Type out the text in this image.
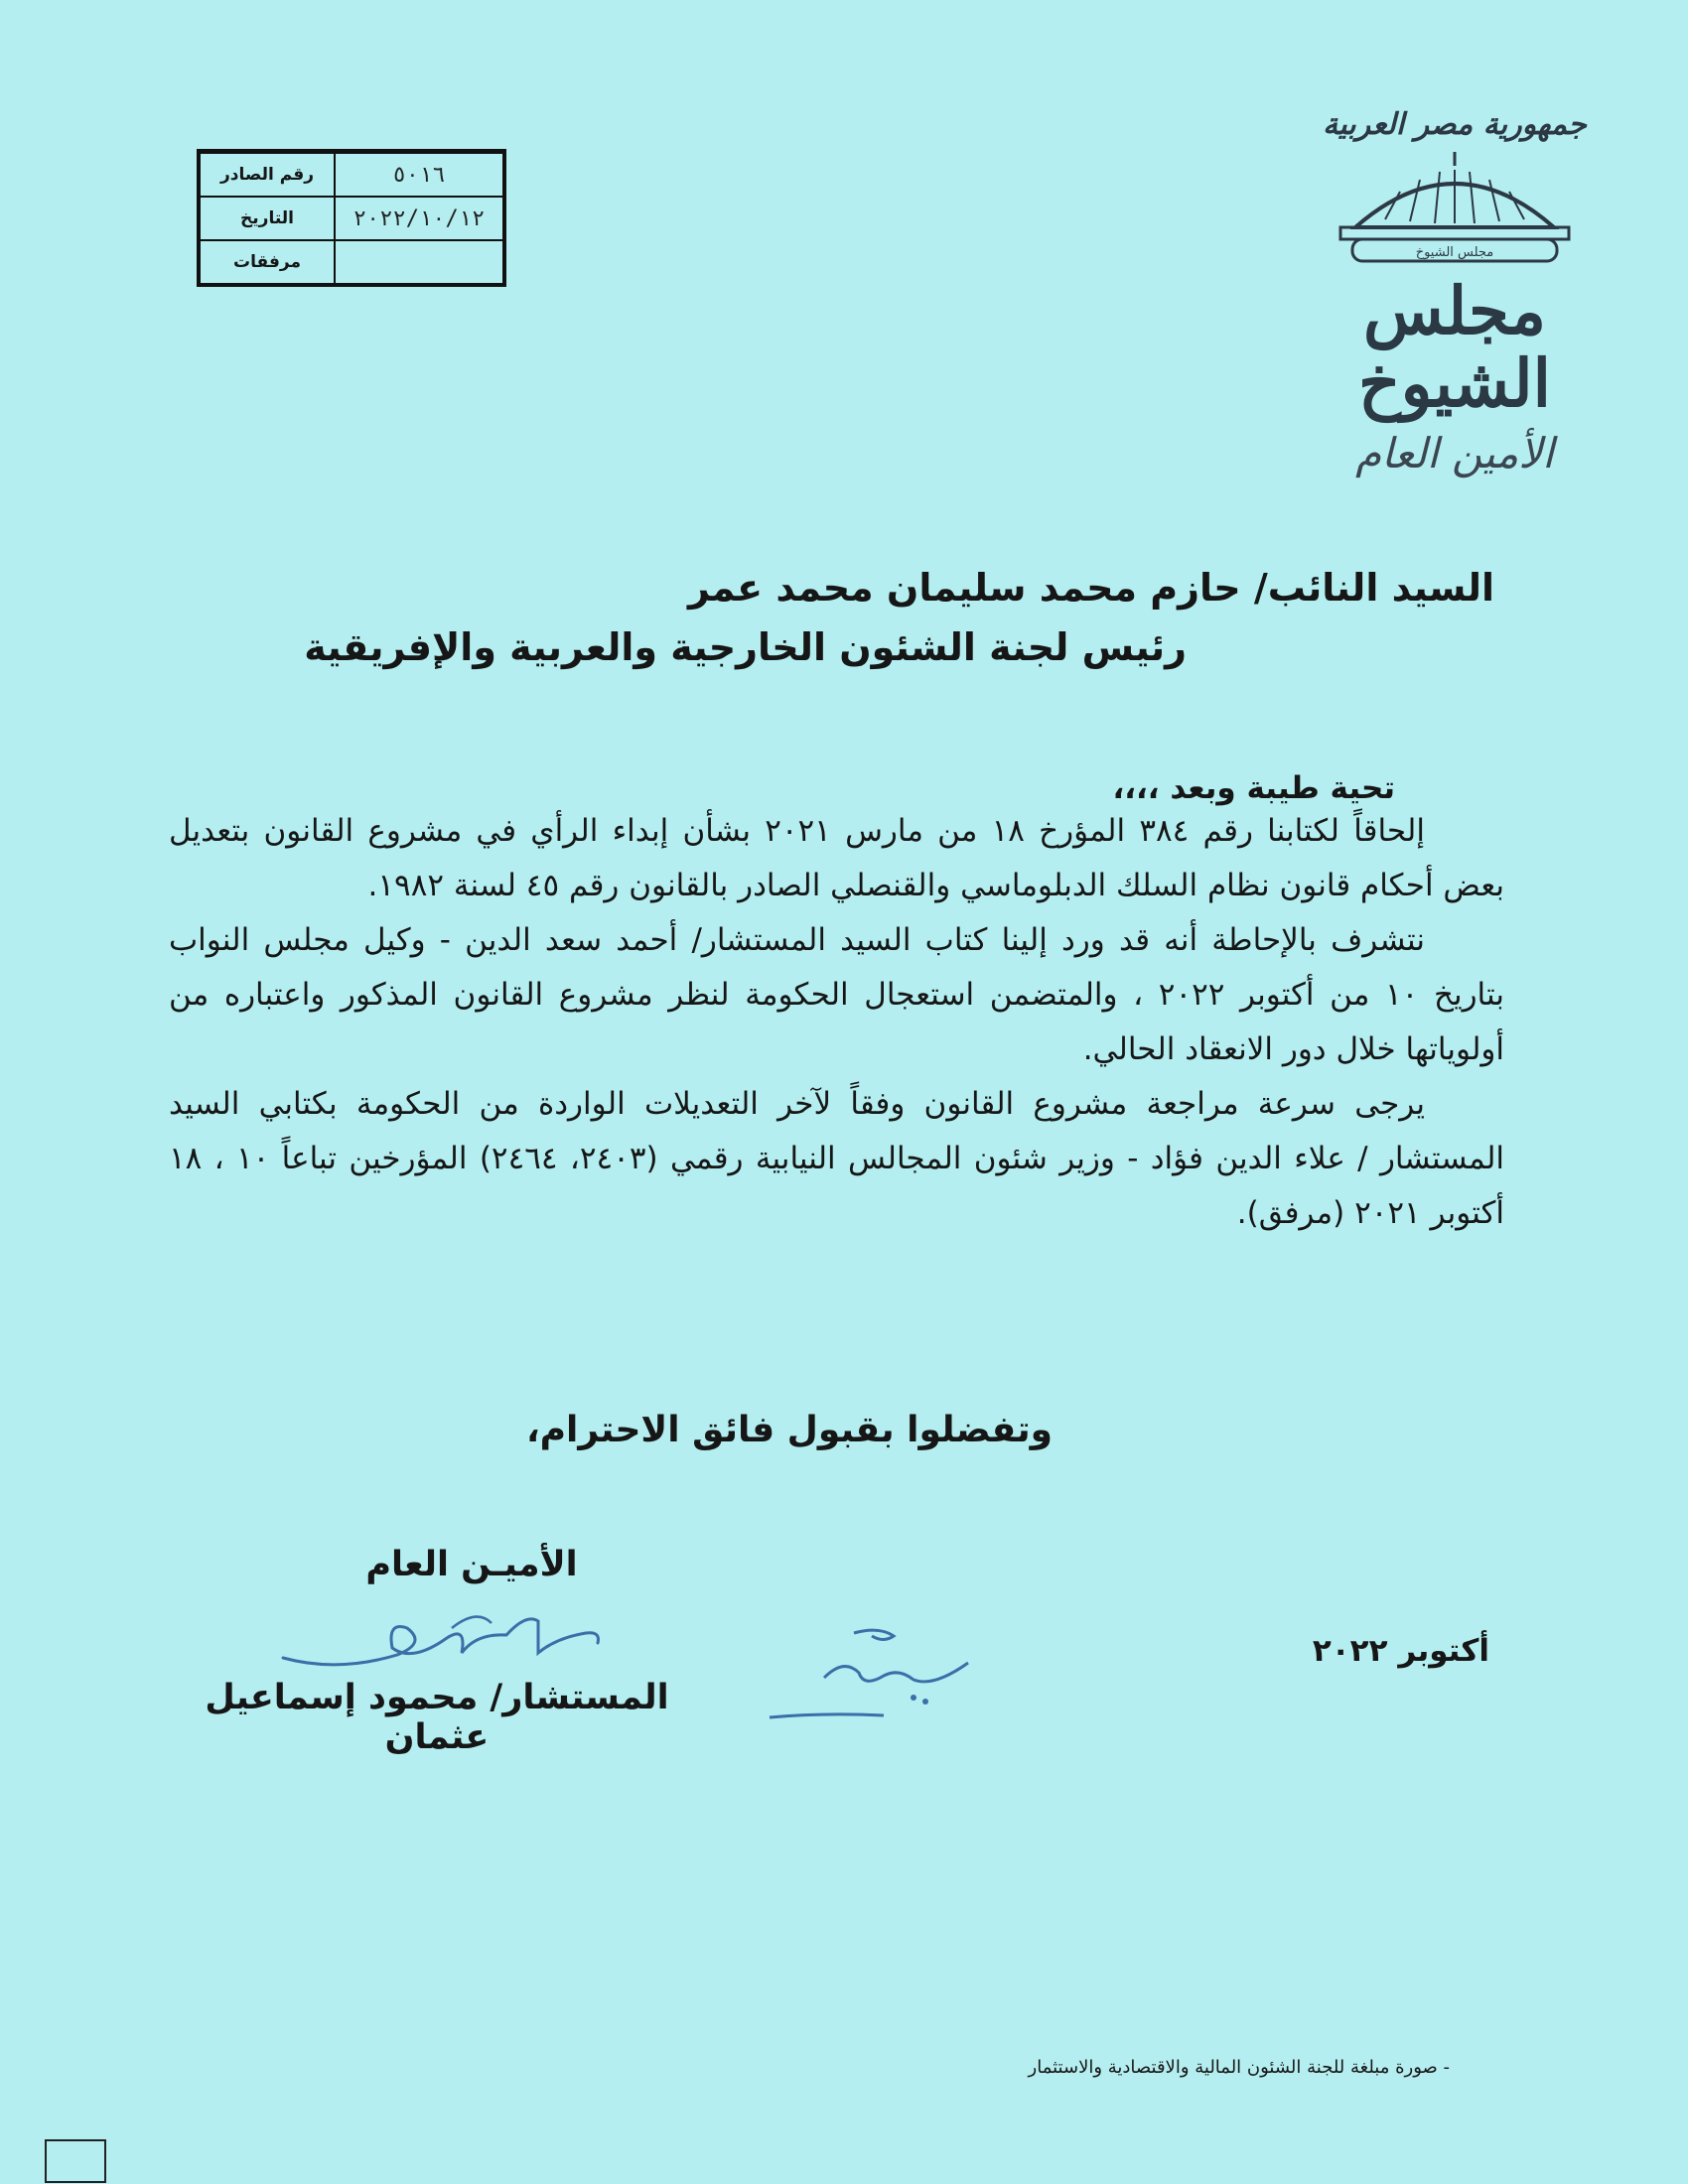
٥٠١٦	رقم الصادر
٢٠٢٢/١٠/١٢	التاريخ
	مرفقات
جمهورية مصر العربية
مجلس الشيوخ
مجلس الشيوخ
الأمين العام
السيد النائب/ حازم محمد سليمان محمد عمر
رئيس لجنة الشئون الخارجية والعربية والإفريقية
تحية طيبة وبعد ،،،،

إلحاقاً لكتابنا رقم ٣٨٤ المؤرخ ١٨ من مارس ٢٠٢١ بشأن إبداء الرأي في مشروع القانون بتعديل بعض أحكام قانون نظام السلك الدبلوماسي والقنصلي الصادر بالقانون رقم ٤٥ لسنة ١٩٨٢.

نتشرف بالإحاطة أنه قد ورد إلينا كتاب السيد المستشار/ أحمد سعد الدين - وكيل مجلس النواب بتاريخ ١٠ من أكتوبر ٢٠٢٢ ، والمتضمن استعجال الحكومة لنظر مشروع القانون المذكور واعتباره من أولوياتها خلال دور الانعقاد الحالي.

يرجى سرعة مراجعة مشروع القانون وفقاً لآخر التعديلات الواردة من الحكومة بكتابي السيد المستشار / علاء الدين فؤاد - وزير شئون المجالس النيابية رقمي (٢٤٠٣، ٢٤٦٤) المؤرخين تباعاً ١٠ ، ١٨ أكتوبر ٢٠٢١ (مرفق).

وتفضلوا بقبول فائق الاحترام،
الأميـن العام
المستشار/ محمود إسماعيل عثمان
أكتوبر ٢٠٢٢
- صورة مبلغة للجنة الشئون المالية والاقتصادية والاستثمار
